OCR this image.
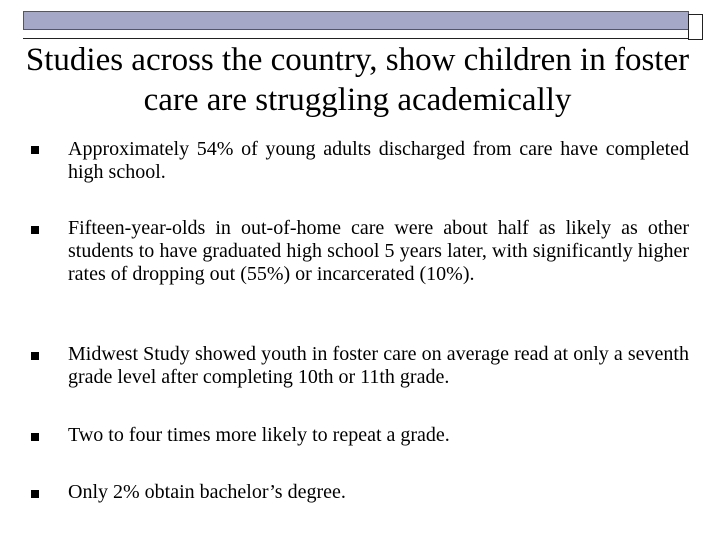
Studies across the country, show children in foster care are struggling academically
Approximately 54% of young adults discharged from care have completed high school.
Fifteen-year-olds in out-of-home care were about half as likely as other students to have graduated high school 5 years later, with significantly higher rates of dropping out (55%) or incarcerated (10%).
Midwest Study showed youth in foster care on average read at only a seventh grade level after completing 10th or 11th grade.
Two to four times more likely to repeat a grade.
Only 2% obtain bachelor’s degree.
